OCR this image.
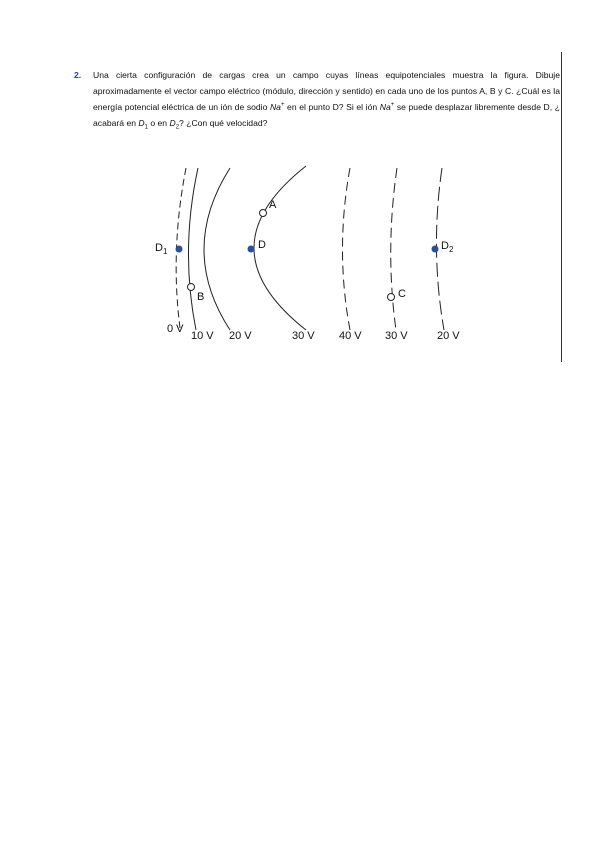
2. Una cierta configuración de cargas crea un campo cuyas líneas equipotenciales muestra la figura. Dibuje aproximadamente el vector campo eléctrico (módulo, dirección y sentido) en cada uno de los puntos A, B y C. ¿Cuál es la energía potencial eléctrica de un ión de sodio Na+ en el punto D? Si el ión Na+ se puede desplazar libremente desde D, ¿ acabará en $D_1$ o en $D_2$? ¿Con qué velocidad?
$D_1$
A
D
B	C
$D_2$
0 V
10 V 20 V	30 V 40 V 30 V	20 V
